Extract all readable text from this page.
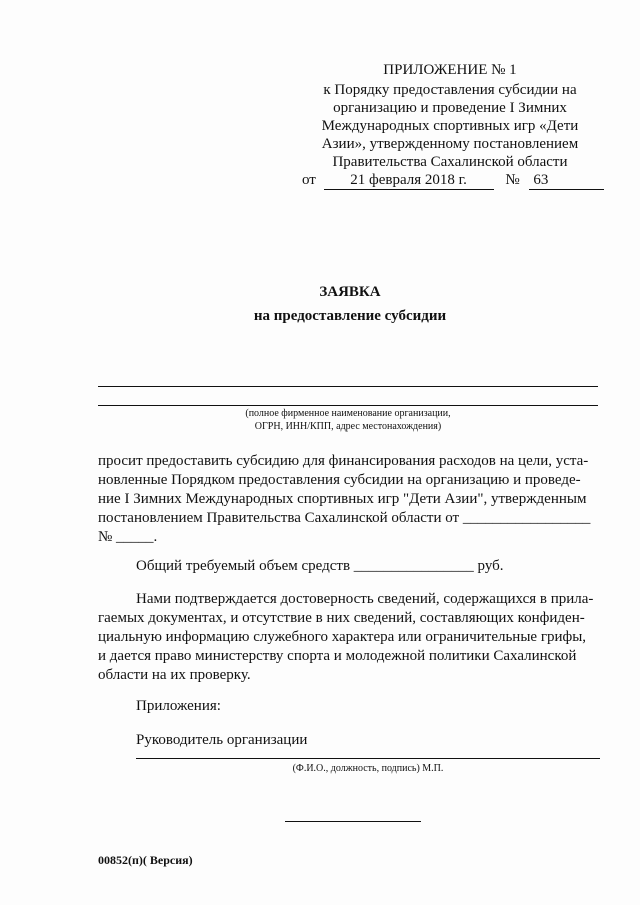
ПРИЛОЖЕНИЕ № 1
к Порядку предоставления субсидии на
организацию и проведение I Зимних
Международных спортивных игр «Дети
Азии», утвержденному постановлением
Правительства Сахалинской области
от 21 февраля 2018 г.	№ 63
ЗАЯВКА
на предоставление субсидии
(полное фирменное наименование организации,
ОГРН, ИНН/КПП, адрес местонахождения)
просит предоставить субсидию для финансирования расходов на цели, уста-
новленные Порядком предоставления субсидии на организацию и проведе-
ние I Зимних Международных спортивных игр "Дети Азии", утвержденным
постановлением Правительства Сахалинской области от _________________
№ _____.
Общий требуемый объем средств ________________ руб.
Нами подтверждается достоверность сведений, содержащихся в прила-
гаемых документах, и отсутствие в них сведений, составляющих конфиден-
циальную информацию служебного характера или ограничительные грифы,
и дается право министерству спорта и молодежной политики Сахалинской
области на их проверку.
Приложения:
Руководитель организации
(Ф.И.О., должность, подпись) М.П.
00852(п)( Версия)
